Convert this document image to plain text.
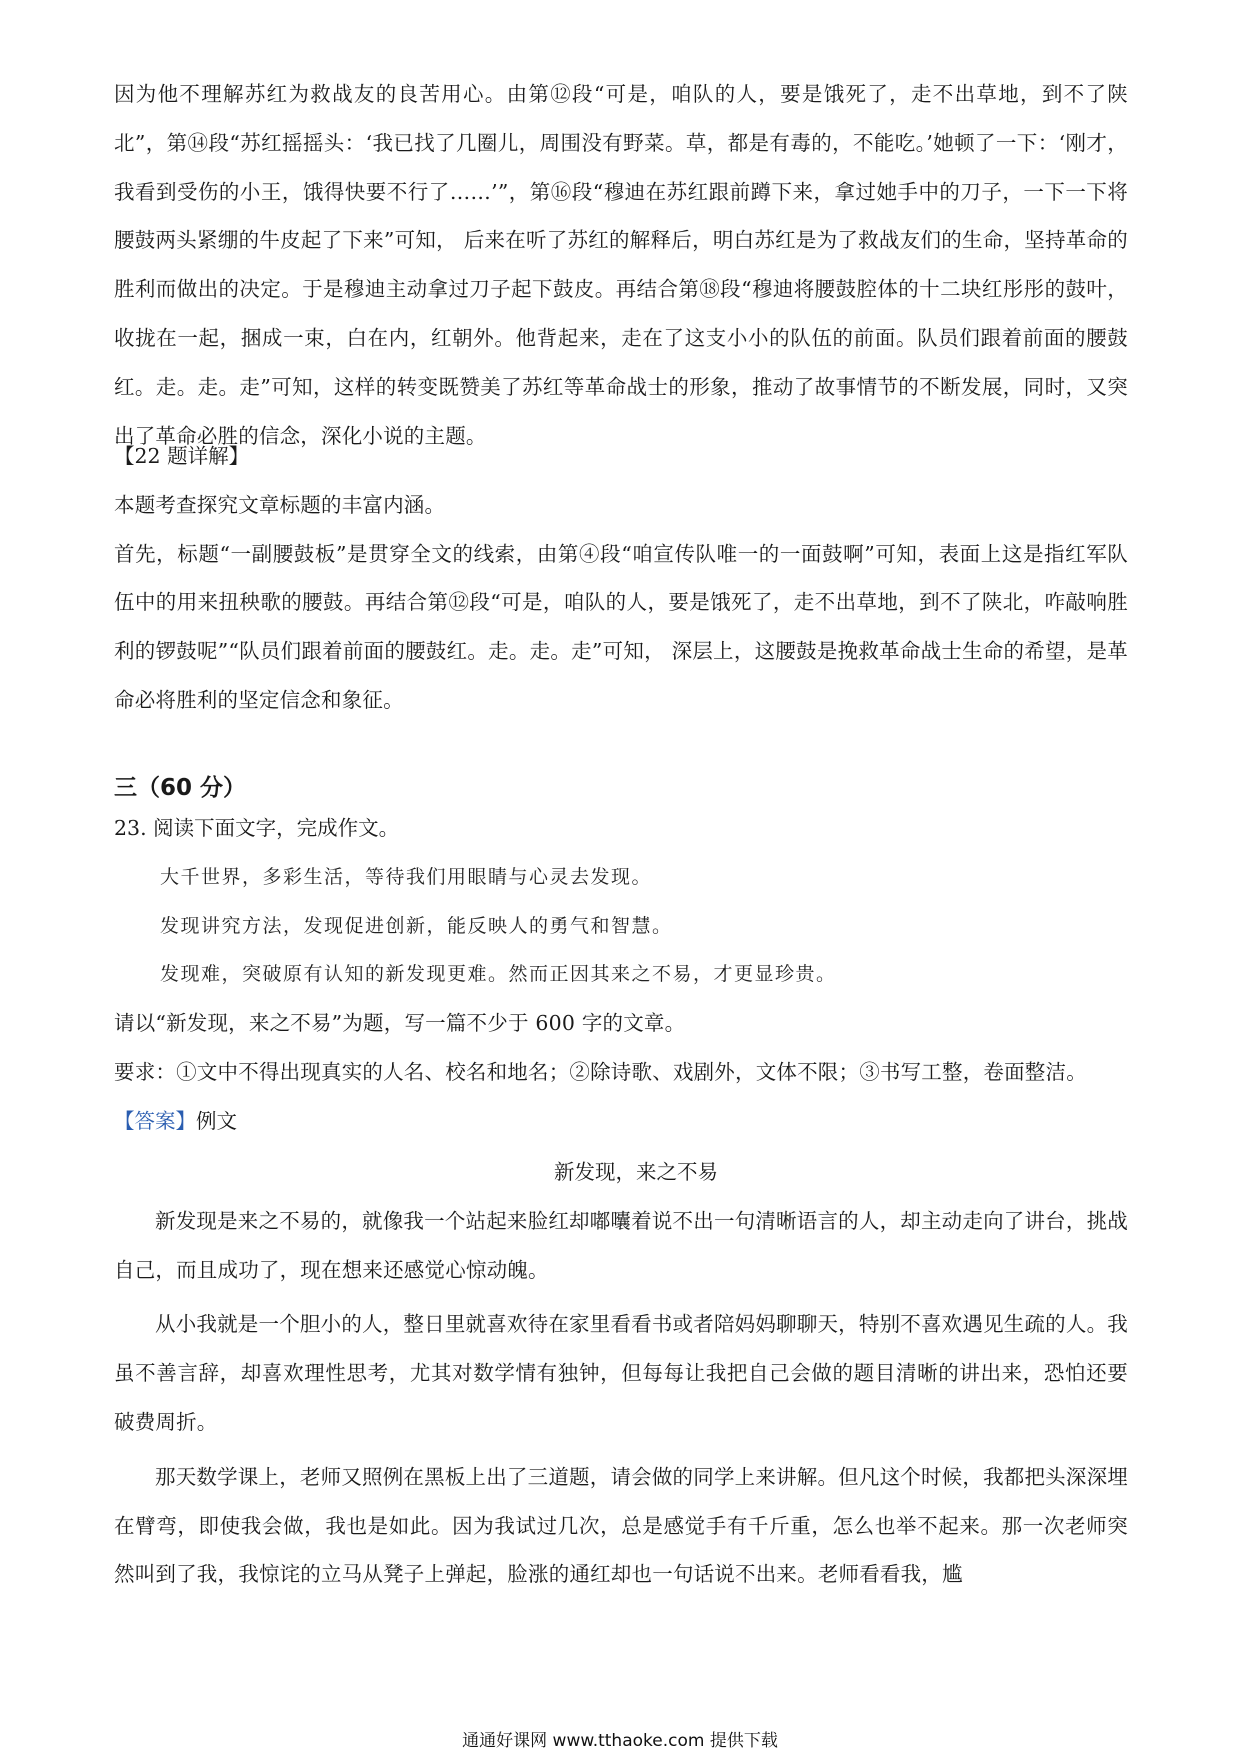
因为他不理解苏红为救战友的良苦用心。由第⑫段“可是，咱队的人，要是饿死了，走不出草地，到不了陕北”，第⑭段“苏红摇摇头：‘我已找了几圈儿，周围没有野菜。草，都是有毒的，不能吃。’她顿了一下：‘刚才，我看到受伤的小王，饿得快要不行了……’”，第⑯段“穆迪在苏红跟前蹲下来，拿过她手中的刀子，一下一下将腰鼓两头紧绷的牛皮起了下来”可知， 后来在听了苏红的解释后，明白苏红是为了救战友们的生命，坚持革命的胜利而做出的决定。于是穆迪主动拿过刀子起下鼓皮。再结合第⑱段“穆迪将腰鼓腔体的十二块红彤彤的鼓叶，收拢在一起，捆成一束，白在内，红朝外。他背起来，走在了这支小小的队伍的前面。队员们跟着前面的腰鼓红。走。走。走”可知，这样的转变既赞美了苏红等革命战士的形象，推动了故事情节的不断发展，同时，又突出了革命必胜的信念，深化小说的主题。

【22 题详解】

本题考查探究文章标题的丰富内涵。

首先，标题“一副腰鼓板”是贯穿全文的线索，由第④段“咱宣传队唯一的一面鼓啊”可知，表面上这是指红军队伍中的用来扭秧歌的腰鼓。再结合第⑫段“可是，咱队的人，要是饿死了，走不出草地，到不了陕北，咋敲响胜利的锣鼓呢”“队员们跟着前面的腰鼓红。走。走。走”可知， 深层上，这腰鼓是挽救革命战士生命的希望，是革命必将胜利的坚定信念和象征。

三（60 分）

23. 阅读下面文字，完成作文。

大千世界，多彩生活，等待我们用眼睛与心灵去发现。

发现讲究方法，发现促进创新，能反映人的勇气和智慧。

发现难，突破原有认知的新发现更难。然而正因其来之不易，才更显珍贵。

请以“新发现，来之不易”为题，写一篇不少于 600 字的文章。

要求：①文中不得出现真实的人名、校名和地名；②除诗歌、戏剧外，文体不限；③书写工整，卷面整洁。

【答案】例文

新发现，来之不易

新发现是来之不易的，就像我一个站起来脸红却嘟囔着说不出一句清晰语言的人，却主动走向了讲台，挑战自己，而且成功了，现在想来还感觉心惊动魄。

从小我就是一个胆小的人，整日里就喜欢待在家里看看书或者陪妈妈聊聊天，特别不喜欢遇见生疏的人。我虽不善言辞，却喜欢理性思考，尤其对数学情有独钟，但每每让我把自己会做的题目清晰的讲出来，恐怕还要破费周折。

那天数学课上，老师又照例在黑板上出了三道题，请会做的同学上来讲解。但凡这个时候，我都把头深深埋在臂弯，即使我会做，我也是如此。因为我试过几次，总是感觉手有千斤重，怎么也举不起来。那一次老师突然叫到了我，我惊诧的立马从凳子上弹起，脸涨的通红却也一句话说不出来。老师看看我，尴

通通好课网 www.tthaoke.com 提供下载
